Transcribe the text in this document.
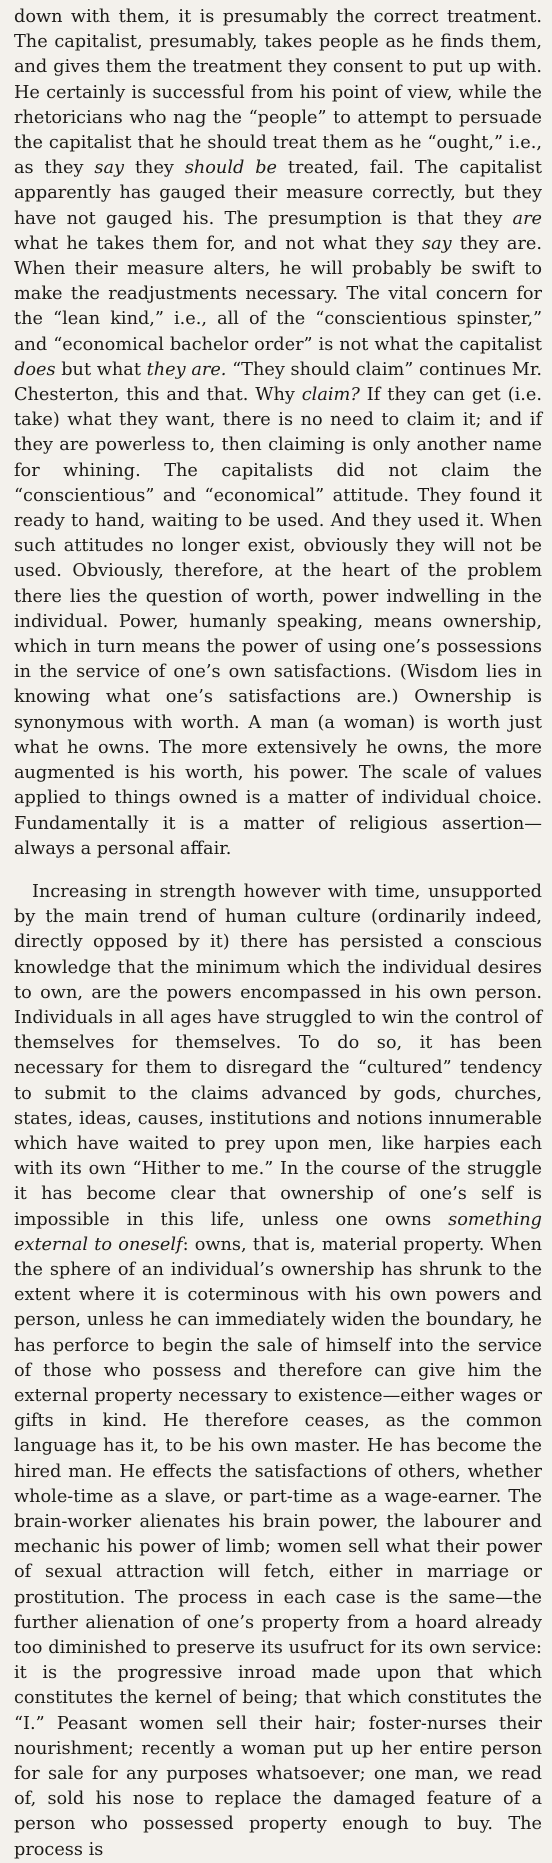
down with them, it is presumably the correct treatment. The capitalist, presumably, takes people as he finds them, and gives them the treatment they consent to put up with. He certainly is successful from his point of view, while the rhetoricians who nag the “people” to attempt to persuade the capitalist that he should treat them as he “ought,” i.e., as they say they should be treated, fail. The capitalist apparently has gauged their measure correctly, but they have not gauged his. The presumption is that they are what he takes them for, and not what they say they are. When their measure alters, he will probably be swift to make the readjustments necessary. The vital concern for the “lean kind,” i.e., all of the “conscientious spinster,” and “economical bachelor order” is not what the capitalist does but what they are. “They should claim” continues Mr. Chesterton, this and that. Why claim? If they can get (i.e. take) what they want, there is no need to claim it; and if they are powerless to, then claiming is only another name for whining. The capitalists did not claim the “conscientious” and “economical” attitude. They found it ready to hand, waiting to be used. And they used it. When such attitudes no longer exist, obviously they will not be used. Obviously, therefore, at the heart of the problem there lies the question of worth, power indwelling in the individual. Power, humanly speaking, means ownership, which in turn means the power of using one’s possessions in the service of one’s own satisfactions. (Wisdom lies in knowing what one’s satisfactions are.) Ownership is synonymous with worth. A man (a woman) is worth just what he owns. The more extensively he owns, the more augmented is his worth, his power. The scale of values applied to things owned is a matter of individual choice. Fundamentally it is a matter of religious assertion—always a personal affair.

Increasing in strength however with time, unsupported by the main trend of human culture (ordinarily indeed, directly opposed by it) there has persisted a conscious knowledge that the minimum which the individual desires to own, are the powers encompassed in his own person. Individuals in all ages have struggled to win the control of themselves for themselves. To do so, it has been necessary for them to disregard the “cultured” tendency to submit to the claims advanced by gods, churches, states, ideas, causes, institutions and notions innumerable which have waited to prey upon men, like harpies each with its own “Hither to me.” In the course of the struggle it has become clear that ownership of one’s self is impossible in this life, unless one owns something external to oneself: owns, that is, material property. When the sphere of an individual’s ownership has shrunk to the extent where it is coterminous with his own powers and person, unless he can immediately widen the boundary, he has perforce to begin the sale of himself into the service of those who possess and therefore can give him the external property necessary to existence—either wages or gifts in kind. He therefore ceases, as the common language has it, to be his own master. He has become the hired man. He effects the satisfactions of others, whether whole-time as a slave, or part-time as a wage-earner. The brain-worker alienates his brain power, the labourer and mechanic his power of limb; women sell what their power of sexual attraction will fetch, either in marriage or prostitution. The process in each case is the same—the further alienation of one’s property from a hoard already too diminished to preserve its usufruct for its own service: it is the progressive inroad made upon that which constitutes the kernel of being; that which constitutes the “I.” Peasant women sell their hair; foster-nurses their nourishment; recently a woman put up her entire person for sale for any purposes whatsoever; one man, we read of, sold his nose to replace the damaged feature of a person who possessed property enough to buy. The process is
